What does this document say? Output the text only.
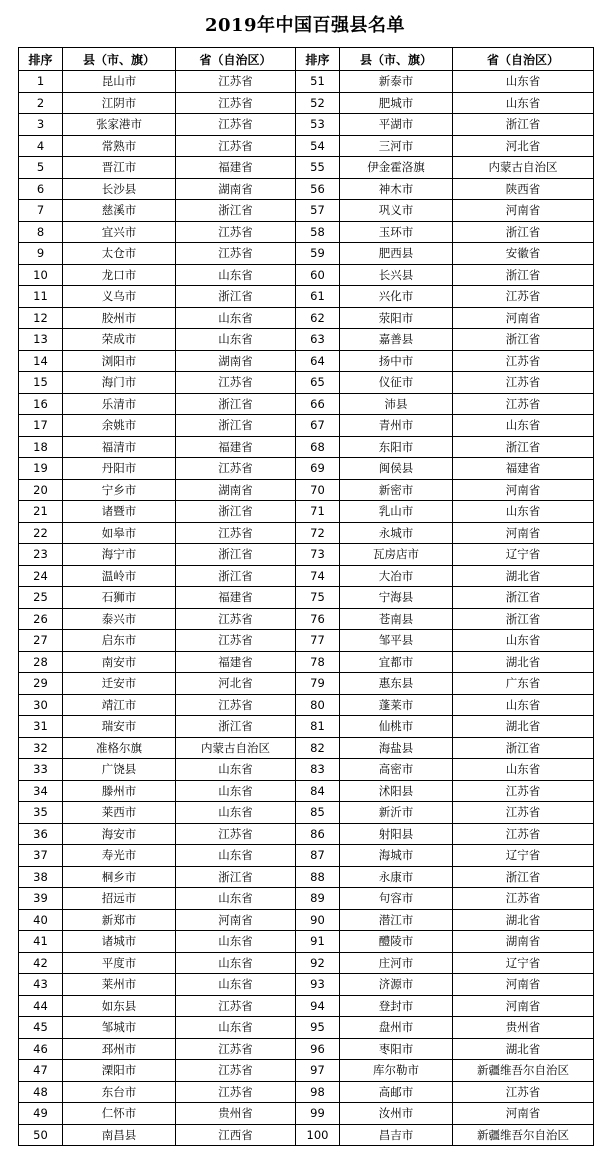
2019年中国百强县名单
排序	县（市、旗）	省（自治区）	排序	县（市、旗）	省（自治区）
1	昆山市	江苏省	51	新泰市	山东省
2	江阴市	江苏省	52	肥城市	山东省
3	张家港市	江苏省	53	平湖市	浙江省
4	常熟市	江苏省	54	三河市	河北省
5	晋江市	福建省	55	伊金霍洛旗	内蒙古自治区
6	长沙县	湖南省	56	神木市	陕西省
7	慈溪市	浙江省	57	巩义市	河南省
8	宜兴市	江苏省	58	玉环市	浙江省
9	太仓市	江苏省	59	肥西县	安徽省
10	龙口市	山东省	60	长兴县	浙江省
11	义乌市	浙江省	61	兴化市	江苏省
12	胶州市	山东省	62	荥阳市	河南省
13	荣成市	山东省	63	嘉善县	浙江省
14	浏阳市	湖南省	64	扬中市	江苏省
15	海门市	江苏省	65	仪征市	江苏省
16	乐清市	浙江省	66	沛县	江苏省
17	余姚市	浙江省	67	青州市	山东省
18	福清市	福建省	68	东阳市	浙江省
19	丹阳市	江苏省	69	闽侯县	福建省
20	宁乡市	湖南省	70	新密市	河南省
21	诸暨市	浙江省	71	乳山市	山东省
22	如皋市	江苏省	72	永城市	河南省
23	海宁市	浙江省	73	瓦房店市	辽宁省
24	温岭市	浙江省	74	大冶市	湖北省
25	石狮市	福建省	75	宁海县	浙江省
26	泰兴市	江苏省	76	苍南县	浙江省
27	启东市	江苏省	77	邹平县	山东省
28	南安市	福建省	78	宜都市	湖北省
29	迁安市	河北省	79	惠东县	广东省
30	靖江市	江苏省	80	蓬莱市	山东省
31	瑞安市	浙江省	81	仙桃市	湖北省
32	准格尔旗	内蒙古自治区	82	海盐县	浙江省
33	广饶县	山东省	83	高密市	山东省
34	滕州市	山东省	84	沭阳县	江苏省
35	莱西市	山东省	85	新沂市	江苏省
36	海安市	江苏省	86	射阳县	江苏省
37	寿光市	山东省	87	海城市	辽宁省
38	桐乡市	浙江省	88	永康市	浙江省
39	招远市	山东省	89	句容市	江苏省
40	新郑市	河南省	90	潜江市	湖北省
41	诸城市	山东省	91	醴陵市	湖南省
42	平度市	山东省	92	庄河市	辽宁省
43	莱州市	山东省	93	济源市	河南省
44	如东县	江苏省	94	登封市	河南省
45	邹城市	山东省	95	盘州市	贵州省
46	邳州市	江苏省	96	枣阳市	湖北省
47	溧阳市	江苏省	97	库尔勒市	新疆维吾尔自治区
48	东台市	江苏省	98	高邮市	江苏省
49	仁怀市	贵州省	99	汝州市	河南省
50	南昌县	江西省	100	昌吉市	新疆维吾尔自治区
